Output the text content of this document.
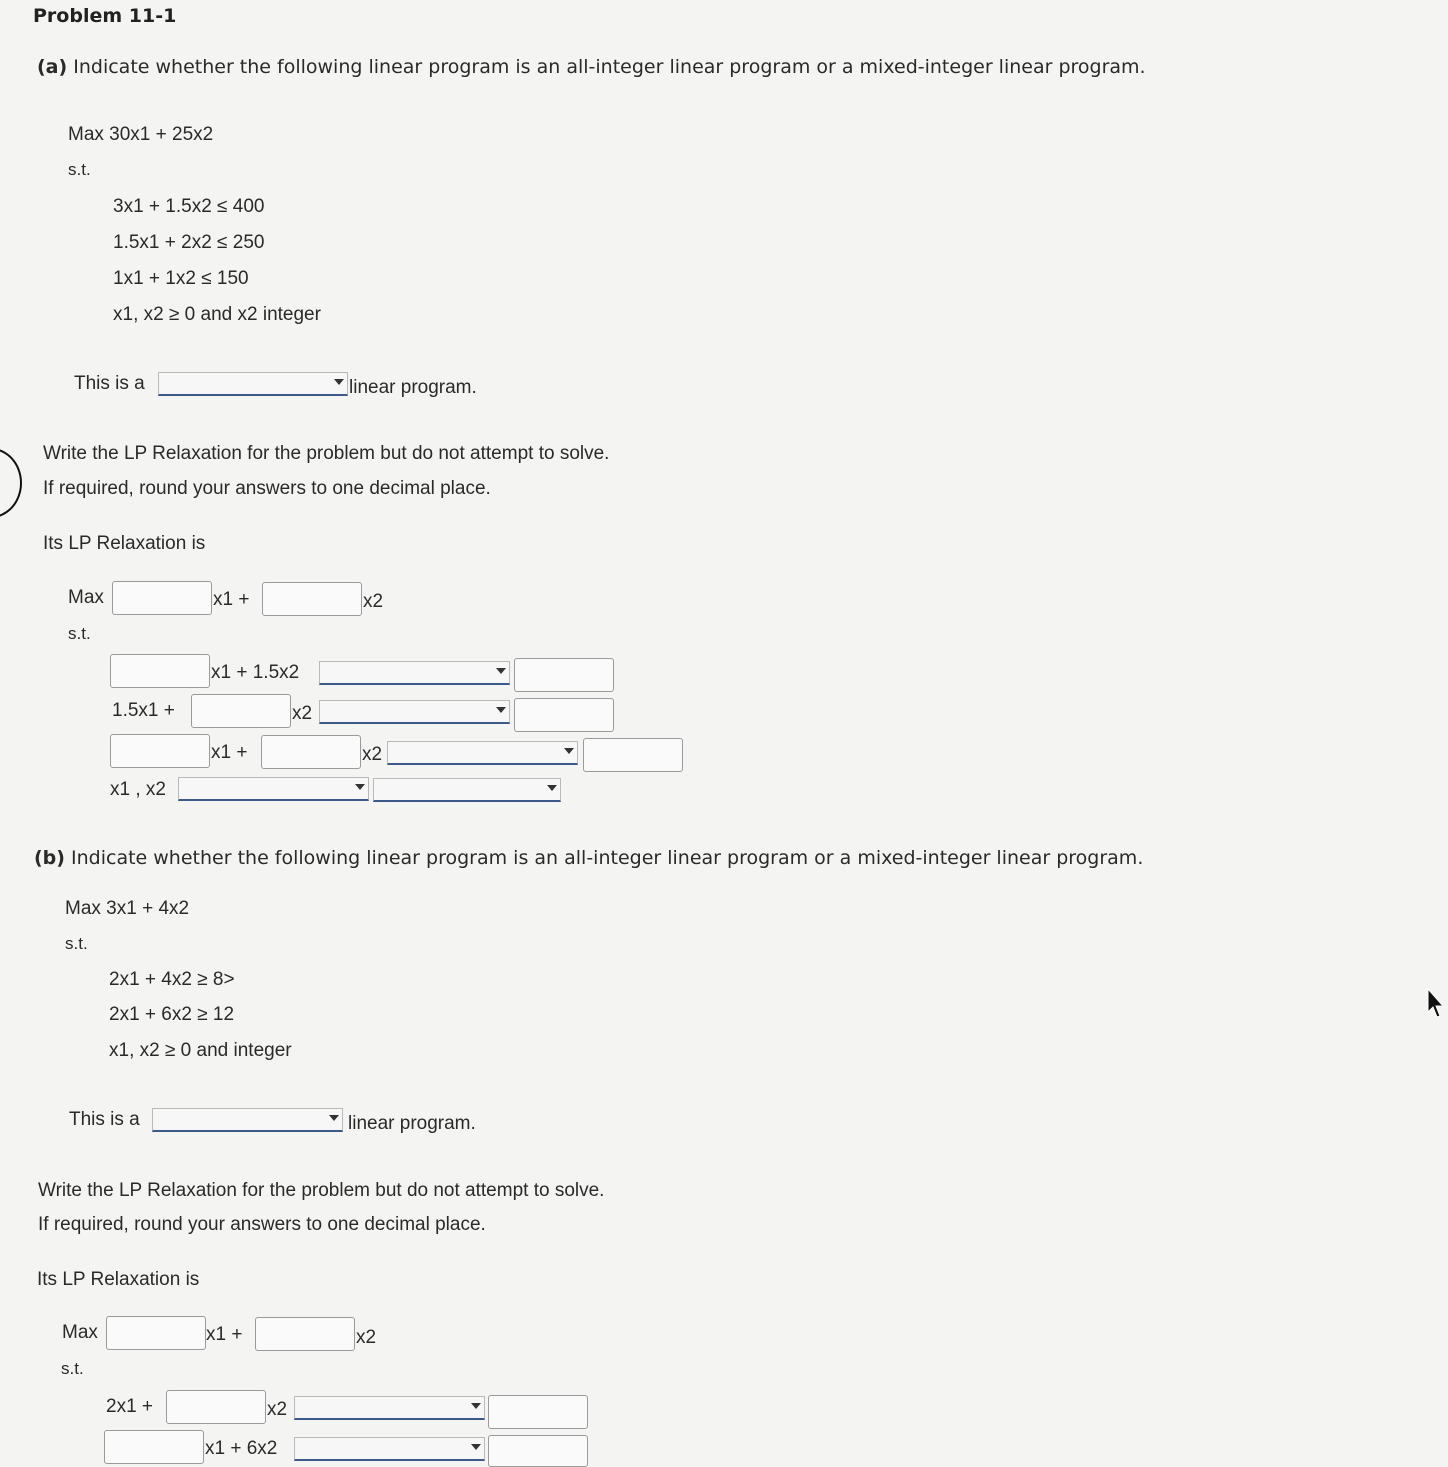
Problem 11-1
(a) Indicate whether the following linear program is an all-integer linear program or a mixed-integer linear program.
Max 30x1 + 25x2
s.t.
3x1 + 1.5x2 ≤ 400
1.5x1 + 2x2 ≤ 250
1x1 + 1x2 ≤ 150
x1, x2 ≥ 0 and x2 integer
This is a	linear program.
Write the LP Relaxation for the problem but do not attempt to solve.
If required, round your answers to one decimal place.
Its LP Relaxation is
Max	x1 +	x2
s.t.
x1 + 1.5x2
1.5x1 +	x2
x1 +	x2
x1 , x2
(b) Indicate whether the following linear program is an all-integer linear program or a mixed-integer linear program.
Max 3x1 + 4x2
s.t.
2x1 + 4x2 ≥ 8>
2x1 + 6x2 ≥ 12
x1, x2 ≥ 0 and integer
This is a	linear program.
Write the LP Relaxation for the problem but do not attempt to solve.
If required, round your answers to one decimal place.
Its LP Relaxation is
Max	x1 +	x2
s.t.
2x1 +	x2
x1 + 6x2
